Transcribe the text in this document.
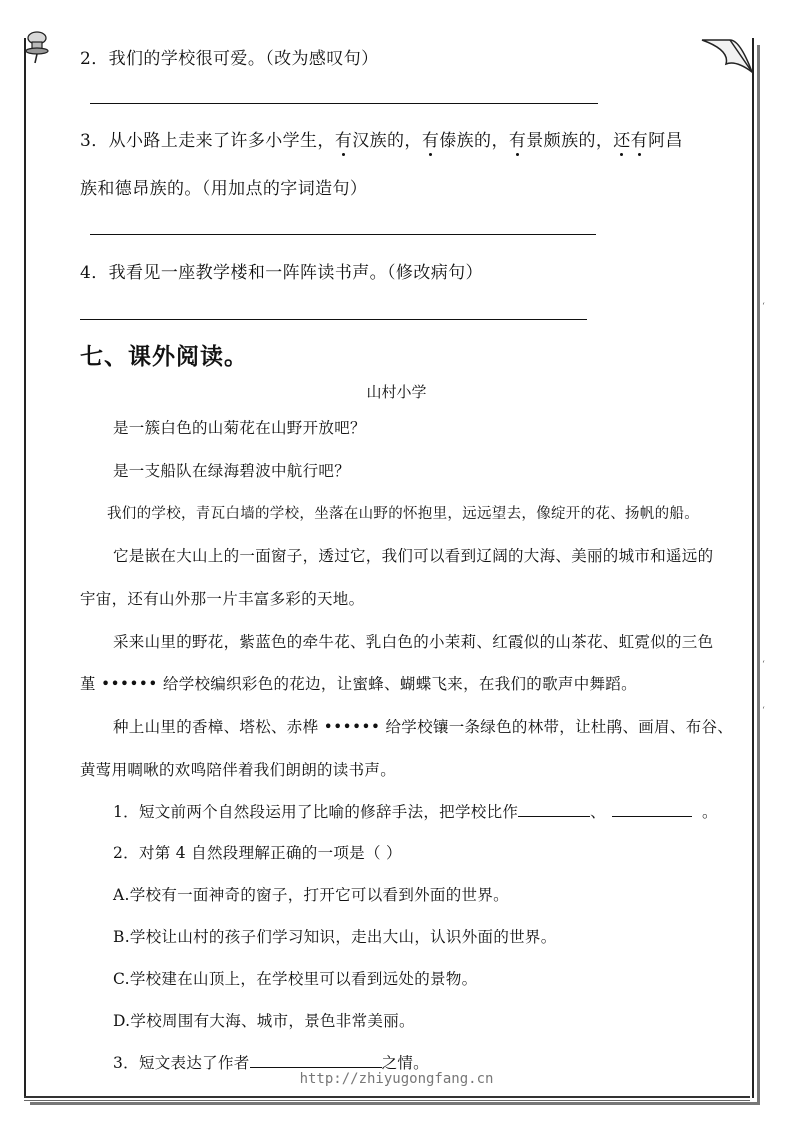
2．我们的学校很可爱。（改为感叹句）
3．从小路上走来了许多小学生，有汉族的，有傣族的，有景颇族的，还有阿昌
族和德昂族的。（用加点的字词造句）
4．我看见一座教学楼和一阵阵读书声。（修改病句）
七、课外阅读。
山村小学
是一簇白色的山菊花在山野开放吧？
是一支船队在绿海碧波中航行吧？
我们的学校，青瓦白墙的学校，坐落在山野的怀抱里，远远望去，像绽开的花、扬帆的船。
它是嵌在大山上的一面窗子，透过它，我们可以看到辽阔的大海、美丽的城市和遥远的
宇宙，还有山外那一片丰富多彩的天地。
采来山里的野花，紫蓝色的牵牛花、乳白色的小茉莉、红霞似的山茶花、虹霓似的三色
堇 •••••• 给学校编织彩色的花边，让蜜蜂、蝴蝶飞来，在我们的歌声中舞蹈。
种上山里的香樟、塔松、赤桦 •••••• 给学校镶一条绿色的林带，让杜鹃、画眉、布谷、
黄莺用啁啾的欢鸣陪伴着我们朗朗的读书声。
1．短文前两个自然段运用了比喻的修辞手法，把学校比作	、	。
2．对第 4 自然段理解正确的一项是（ ）
A.学校有一面神奇的窗子，打开它可以看到外面的世界。
B.学校让山村的孩子们学习知识，走出大山，认识外面的世界。
C.学校建在山顶上，在学校里可以看到远处的景物。
D.学校周围有大海、城市，景色非常美丽。
3．短文表达了作者	之情。
http://zhiyugongfang.cn
‘
‘
‘
